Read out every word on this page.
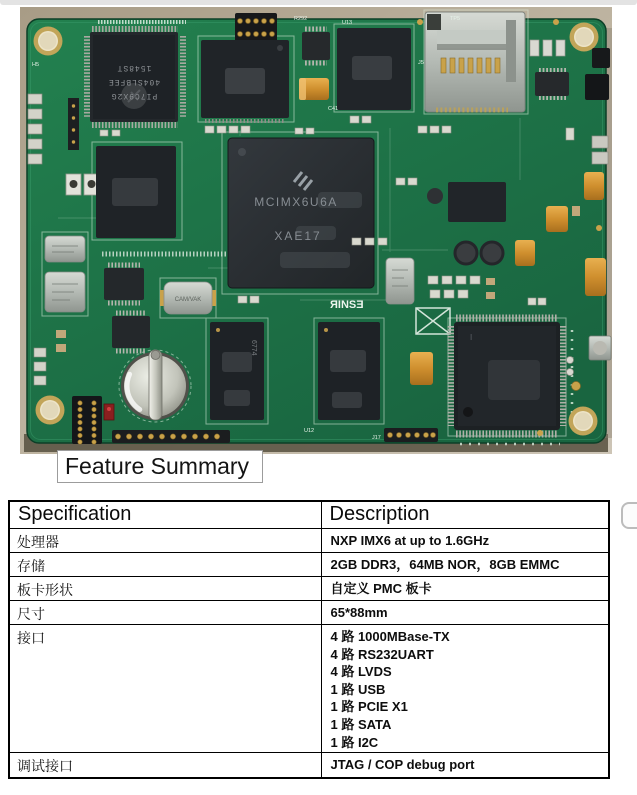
PI7C9X2G
404SLBFEE
1548ST
CAM/VAK
6774
MCIMX6U6A
XAE17
I
ЯINSƎ
H5
U13
J5
C41
TP5
R292
J17
U12
Feature Summary
Specification	Description
处理器	NXP IMX6 at up to 1.6GHz
存储	2GB DDR3，64MB NOR，8GB EMMC
板卡形状	自定义 PMC 板卡
尺寸	65*88mm
接口	4 路 1000MBase-TX
4 路 RS232UART
4 路 LVDS
1 路 USB
1 路 PCIE X1
1 路 SATA
1 路 I2C

调试接口	JTAG / COP debug port
